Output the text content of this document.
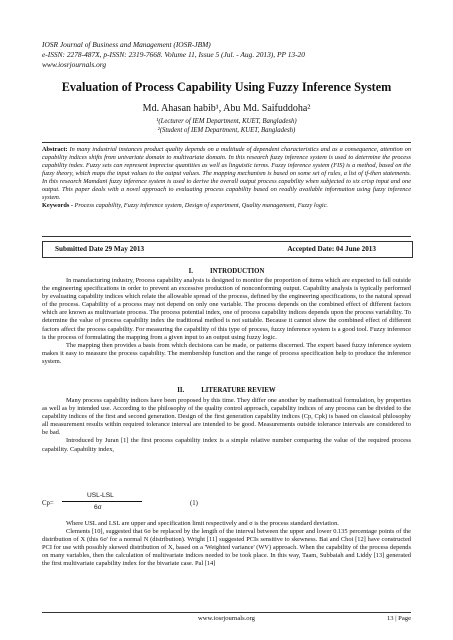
IOSR Journal of Business and Management (IOSR-JBM)
e-ISSN: 2278-487X, p-ISSN: 2319-7668. Volume 11, Issue 5 (Jul. - Aug. 2013), PP 13-20
www.iosrjournals.org
Evaluation of Process Capability Using Fuzzy Inference System
Md. Ahasan habib¹, Abu Md. Saifuddoha²
¹(Lecturer of IEM Department, KUET, Bangladesh)
²(Student of IEM Department, KUET, Bangladesh)
Abstract: In many industrial instances product quality depends on a multitude of dependent characteristics and as a consequence, attention on capability indices shifts from univariate domain to multivariate domain. In this research fuzzy inference system is used to determine the process capability index. Fuzzy sets can represent imprecise quantities as well as linguistic terms. Fuzzy inference system (FIS) is a method, based on the fuzzy theory, which maps the input values to the output values. The mapping mechanism is based on some set of rules, a list of if-then statements. In this research Mamdani fuzzy inference system is used to derive the overall output process capability when subjected to six crisp input and one output. This paper deals with a novel approach to evaluating process capability based on readily available information using fuzzy inference system.
Keywords - Process capability, Fuzzy inference system, Design of experiment, Quality management, Fuzzy logic.
Submitted Date 29 May 2013	Accepted Date: 04 June 2013
I.          INTRODUCTION

In manufacturing industry, Process capability analysis is designed to monitor the proportion of items which are expected to fall outside the engineering specifications in order to prevent an excessive production of nonconforming output. Capability analysis is typically performed by evaluating capability indices which relate the allowable spread of the process, defined by the engineering specifications, to the natural spread of the process. Capability of a process may not depend on only one variable. The process depends on the combined effect of different factors which are known as multivariate process. The process potential index, one of process capability indices depends upon the process variability. To determine the value of process capability index the traditional method is not suitable. Because it cannot show the combined effect of different factors affect the process capability. For measuring the capability of this type of process, fuzzy inference system is a good tool. Fuzzy inference is the process of formulating the mapping from a given input to an output using fuzzy logic.

The mapping then provides a basis from which decisions can be made, or patterns discerned. The expert based fuzzy inference system makes it easy to measure the process capability. The membership function and the range of process specification help to produce the inference system.

II.          LITERATURE REVIEW

Many process capability indices have been proposed by this time. They differ one another by mathematical formulation, by properties as well as by intended use. According to the philosophy of the quality control approach, capability indices of any process can be divided to the capability indices of the first and second generation. Design of the first generation capability indices (Cp, Cpk) is based on classical philosophy all measurement results within required tolerance interval are intended to be good. Measurements outside tolerance intervals are considered to be bad.

Introduced by Juran [1] the first process capability index is a simple relative number comparing the value of the required process capability. Capability index,

Cp=
USL-LSL
6σ
(1)

Where USL and LSL are upper and specification limit respectively and σ is the process standard deviation.

Clements [10], suggested that 6σ be replaced by the length of the interval between the upper and lower 0.135 percentage points of the distribution of X (this 6σ' for a normal N (distribution). Wright [11] suggested PCIs sensitive to skewness. Bai and Choi [12] have constructed PCI for use with possibly skewed distribution of X, based on a 'Weighted variance' (WV) approach. When the capability of the process depends on many variables, then the calculation of multivariate indices needed to be took place. In this way, Taam, Subbaiah and Liddy [13] generated the first multivariate capability index for the bivariate case. Pal [14]

www.iosrjournals.org	13 | Page
